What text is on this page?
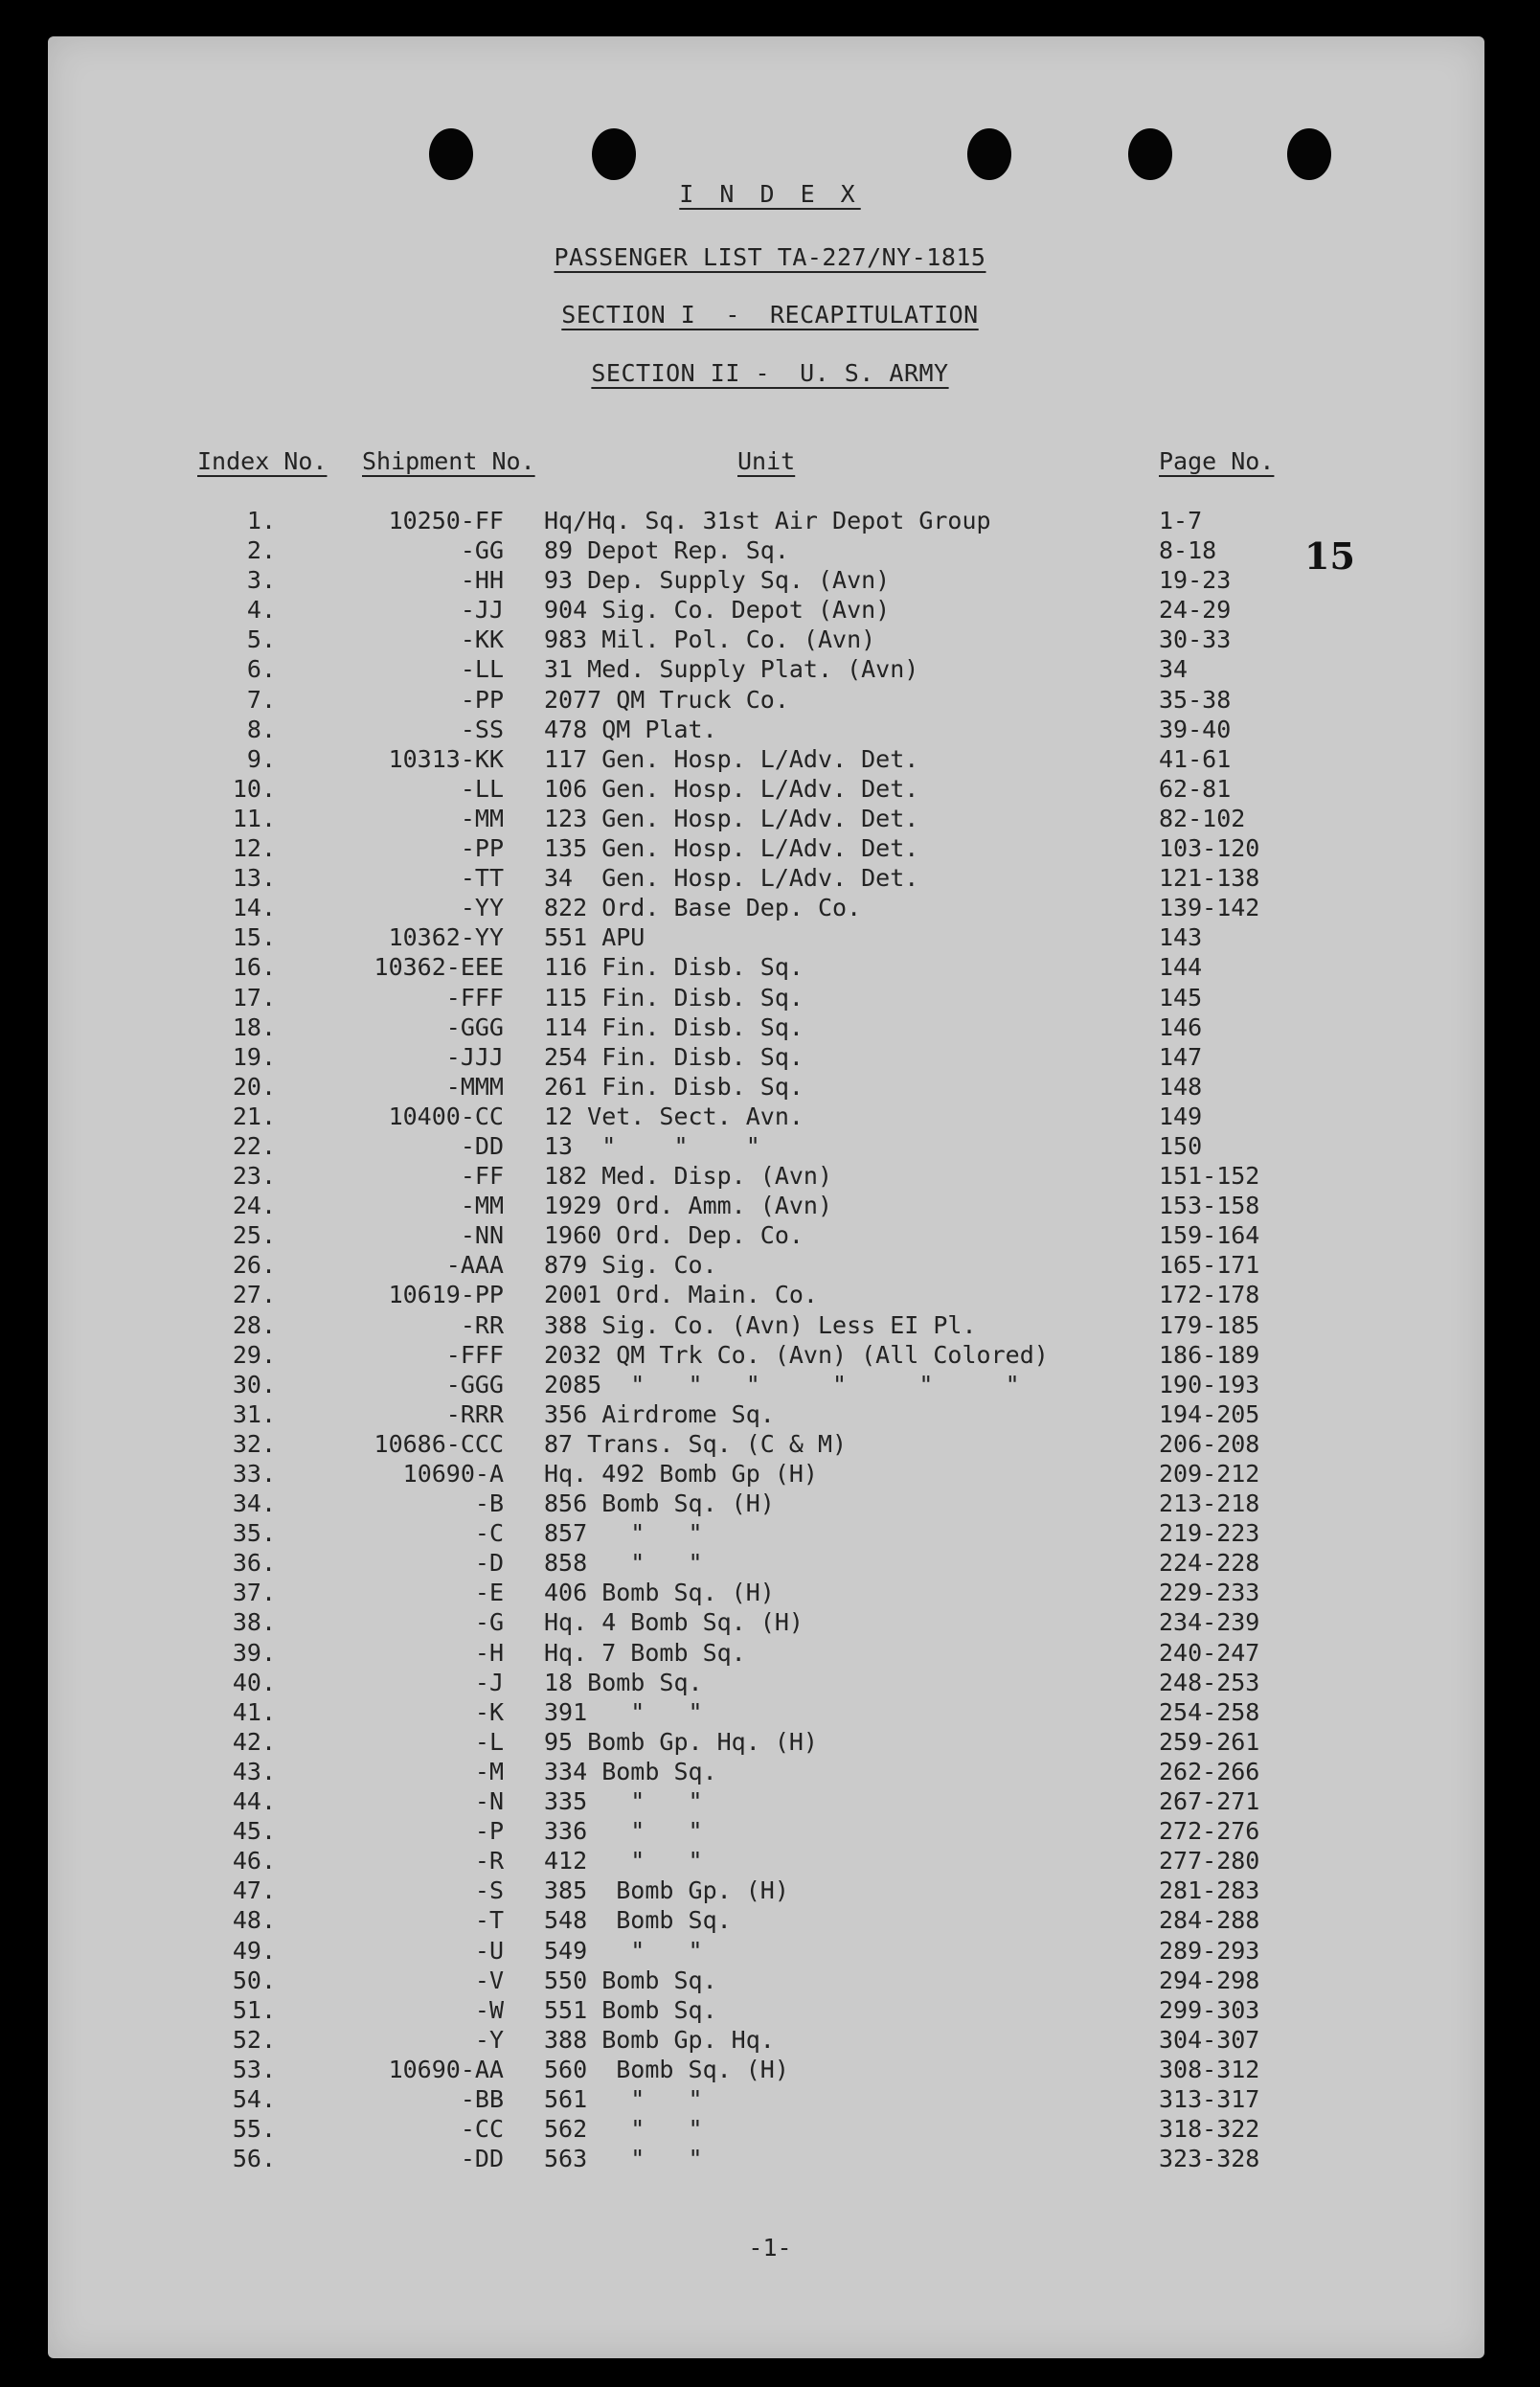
I N D E X
PASSENGER LIST TA-227/NY-1815
SECTION I  -  RECAPITULATION
SECTION II -  U. S. ARMY
Index No. Shipment No.	Unit	Page No.
15
1.	10250-FF Hq/Hq. Sq. 31st Air Depot Group	1-7
2.	-GG 89 Depot Rep. Sq.	8-18
3.	-HH 93 Dep. Supply Sq. (Avn)	19-23
4.	-JJ 904 Sig. Co. Depot (Avn)	24-29
5.	-KK 983 Mil. Pol. Co. (Avn)	30-33
6.	-LL 31 Med. Supply Plat. (Avn)	34
7.	-PP 2077 QM Truck Co.	35-38
8.	-SS 478 QM Plat.	39-40
9.	10313-KK 117 Gen. Hosp. L/Adv. Det.	41-61
10.	-LL 106 Gen. Hosp. L/Adv. Det.	62-81
11.	-MM 123 Gen. Hosp. L/Adv. Det.	82-102
12.	-PP 135 Gen. Hosp. L/Adv. Det.	103-120
13.	-TT 34  Gen. Hosp. L/Adv. Det.	121-138
14.	-YY 822 Ord. Base Dep. Co.	139-142
15.	10362-YY 551 APU	143
16.	10362-EEE 116 Fin. Disb. Sq.	144
17.	-FFF 115 Fin. Disb. Sq.	145
18.	-GGG 114 Fin. Disb. Sq.	146
19.	-JJJ 254 Fin. Disb. Sq.	147
20.	-MMM 261 Fin. Disb. Sq.	148
21.	10400-CC 12 Vet. Sect. Avn.	149
22.	-DD 13  "    "    "	150
23.	-FF 182 Med. Disp. (Avn)	151-152
24.	-MM 1929 Ord. Amm. (Avn)	153-158
25.	-NN 1960 Ord. Dep. Co.	159-164
26.	-AAA 879 Sig. Co.	165-171
27.	10619-PP 2001 Ord. Main. Co.	172-178
28.	-RR 388 Sig. Co. (Avn) Less EI Pl.	179-185
29.	-FFF 2032 QM Trk Co. (Avn) (All Colored)	186-189
30.	-GGG 2085  "   "   "     "     "     "	190-193
31.	-RRR 356 Airdrome Sq.	194-205
32.	10686-CCC 87 Trans. Sq. (C & M)	206-208
33.	10690-A Hq. 492 Bomb Gp (H)	209-212
34.	-B 856 Bomb Sq. (H)	213-218
35.	-C 857   "   "	219-223
36.	-D 858   "   "	224-228
37.	-E 406 Bomb Sq. (H)	229-233
38.	-G Hq. 4 Bomb Sq. (H)	234-239
39.	-H Hq. 7 Bomb Sq.	240-247
40.	-J 18 Bomb Sq.	248-253
41.	-K 391   "   "	254-258
42.	-L 95 Bomb Gp. Hq. (H)	259-261
43.	-M 334 Bomb Sq.	262-266
44.	-N 335   "   "	267-271
45.	-P 336   "   "	272-276
46.	-R 412   "   "	277-280
47.	-S 385  Bomb Gp. (H)	281-283
48.	-T 548  Bomb Sq.	284-288
49.	-U 549   "   "	289-293
50.	-V 550 Bomb Sq.	294-298
51.	-W 551 Bomb Sq.	299-303
52.	-Y 388 Bomb Gp. Hq.	304-307
53.	10690-AA 560  Bomb Sq. (H)	308-312
54.	-BB 561   "   "	313-317
55.	-CC 562   "   "	318-322
56.	-DD 563   "   "	323-328
-1-
